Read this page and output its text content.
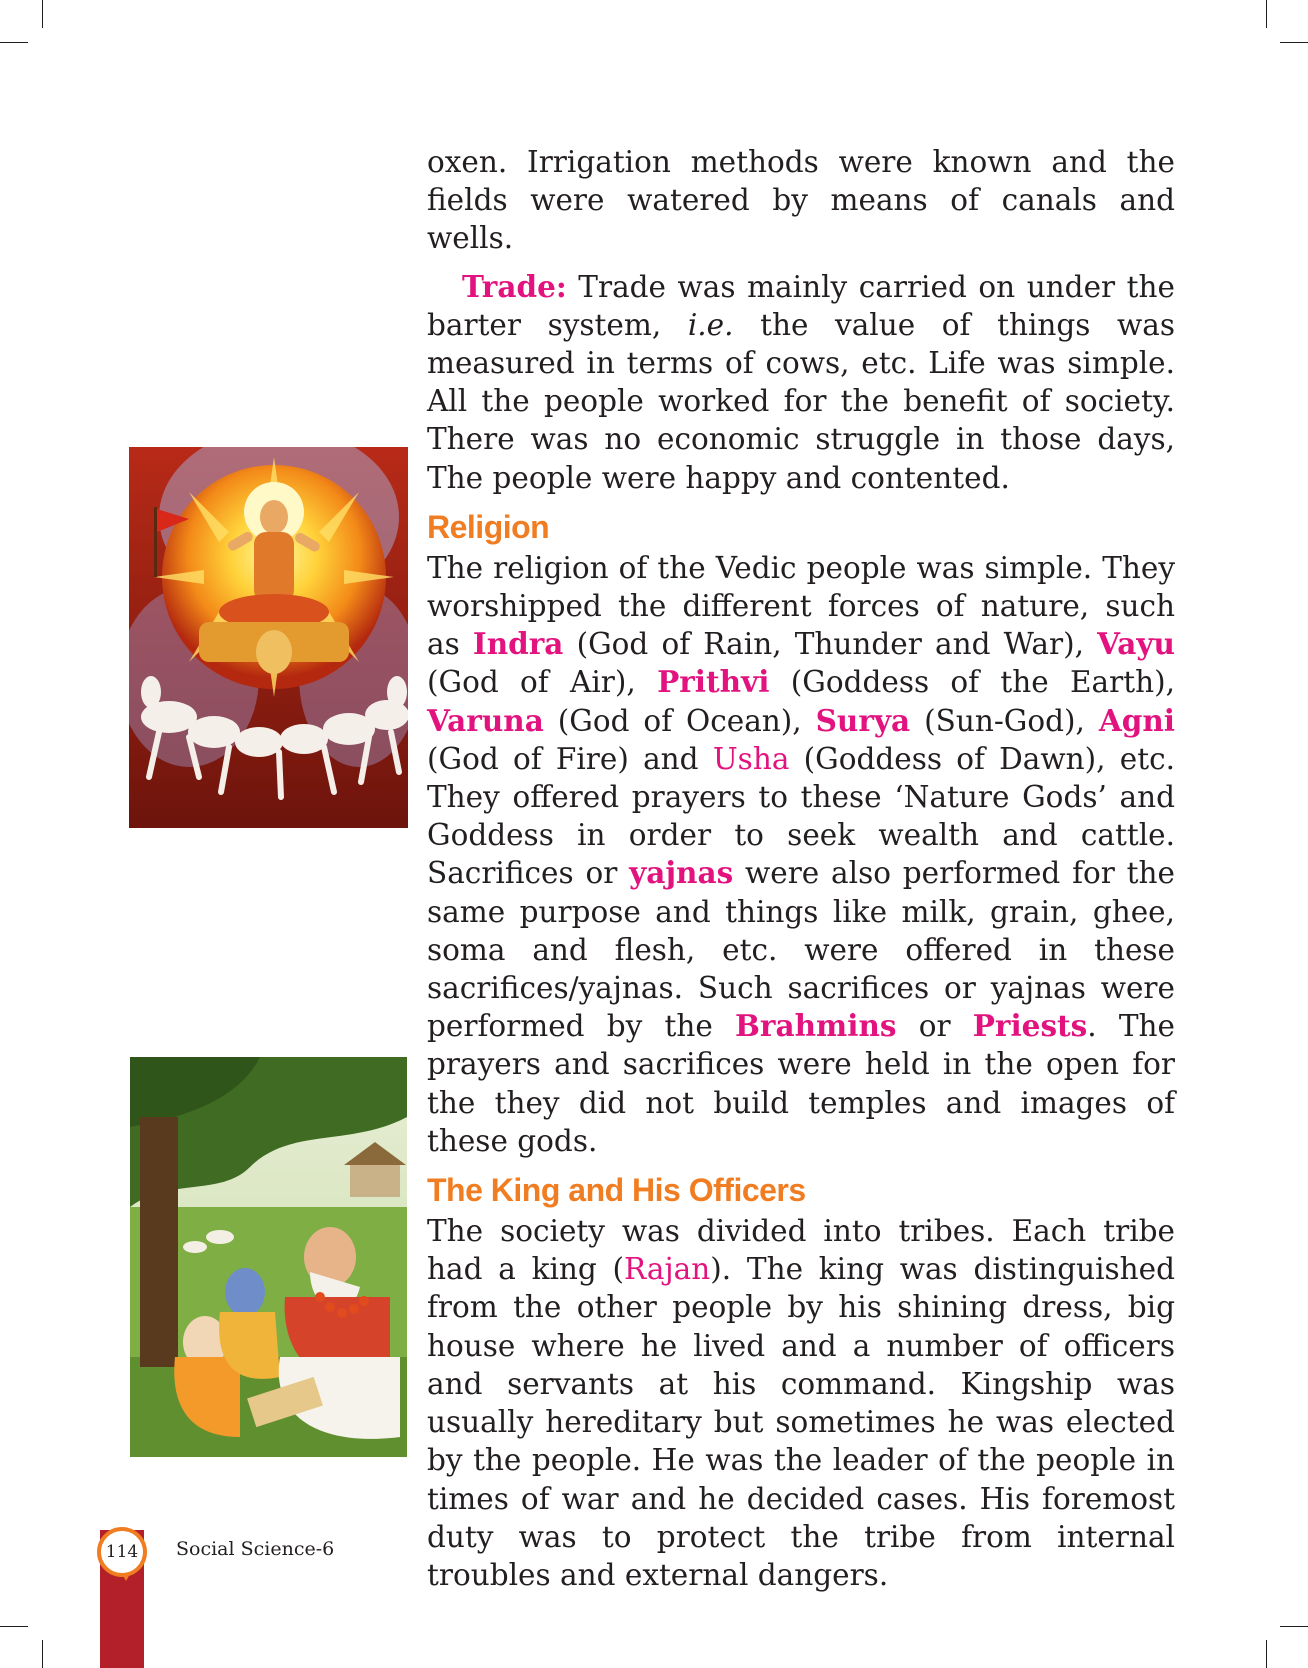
oxen. Irrigation methods were known and the fields were watered by means of canals and wells.

Trade: Trade was mainly carried on under the barter system, i.e. the value of things was measured in terms of cows, etc. Life was simple. All the people worked for the benefit of society. There was no economic struggle in those days, The people were happy and contented.

Religion

The religion of the Vedic people was simple. They worshipped the different forces of nature, such as Indra (God of Rain, Thunder and War), Vayu (God of Air), Prithvi (Goddess of the Earth), Varuna (God of Ocean), Surya (Sun-God), Agni (God of Fire) and Usha (Goddess of Dawn), etc. They offered prayers to these ‘Nature Gods’ and Goddess in order to seek wealth and cattle. Sacrifices or yajnas were also performed for the same purpose and things like milk, grain, ghee, soma and flesh, etc. were offered in these sacrifices/yajnas. Such sacrifices or yajnas were performed by the Brahmins or Priests. The prayers and sacrifices were held in the open for the they did not build temples and images of these gods.

The King and His Officers

The society was divided into tribes. Each tribe had a king (Rajan). The king was distinguished from the other people by his shining dress, big house where he lived and a number of officers and servants at his command. Kingship was usually hereditary but sometimes he was elected by the people. He was the leader of the people in times of war and he decided cases. His foremost duty was to protect the tribe from internal troubles and external dangers.

114 Social Science-6
